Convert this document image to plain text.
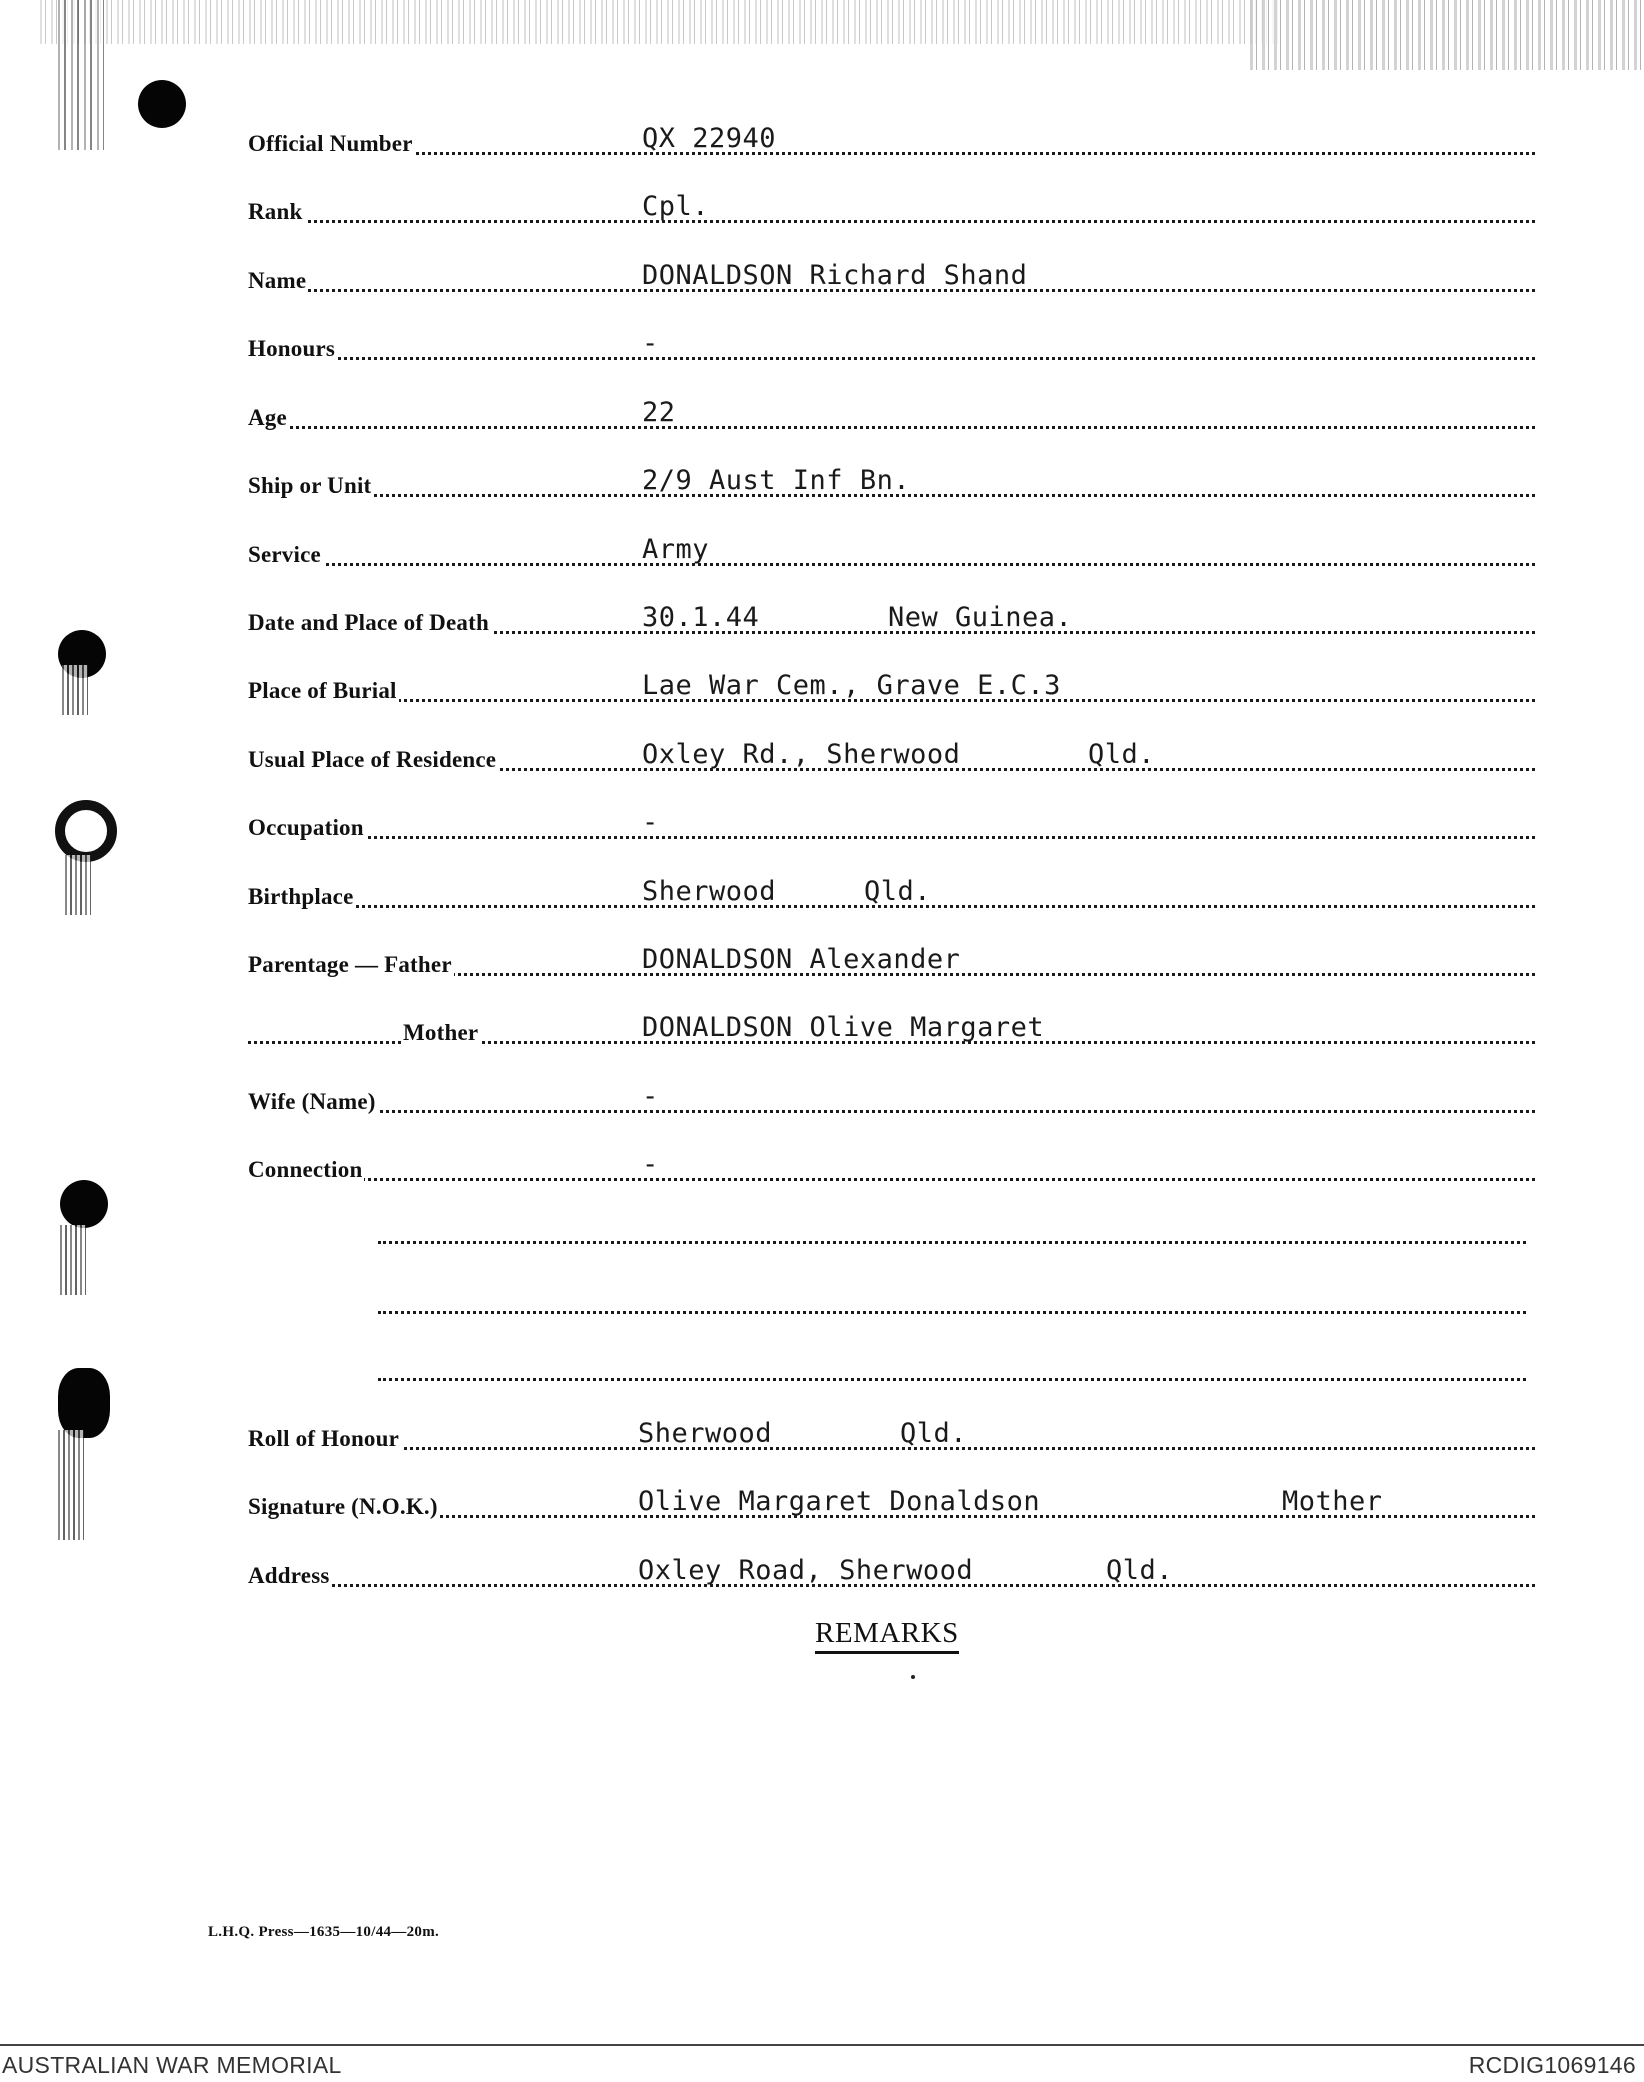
Official Number	QX 22940
Rank	Cpl.
Name	DONALDSON Richard Shand
Honours	-
Age	22
Ship or Unit	2/9 Aust Inf Bn.
Service	Army
Date and Place of Death	30.1.44	New Guinea.
Place of Burial	Lae War Cem., Grave E.C.3
Usual Place of Residence	Oxley Rd., Sherwood	Qld.
Occupation	-
Birthplace	Sherwood	Qld.
Parentage — Father	DONALDSON Alexander
Mother	DONALDSON Olive Margaret
Wife (Name)	-
Connection	-
Roll of Honour	Sherwood	Qld.
Signature (N.O.K.)	Olive Margaret Donaldson	Mother
Address	Oxley Road, Sherwood	Qld.
REMARKS
L.H.Q. Press—1635—10/44—20m.
AUSTRALIAN WAR MEMORIAL	RCDIG1069146
